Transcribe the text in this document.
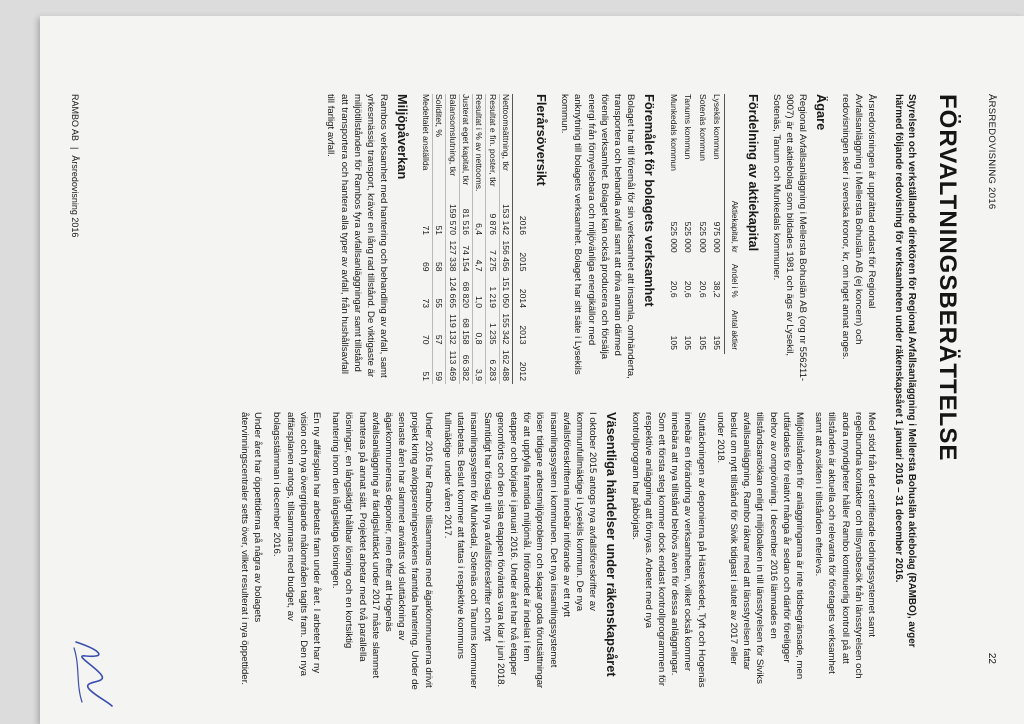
ÅRSREDOVISNING 2016
22
FÖRVALTNINGSBERÄTTELSE

Styrelsen och verkställande direktören för Regional Avfallsanläggning i Mellersta Bohuslän aktiebolag (RAMBO), avger härmed följande redovisning för verksamheten under räkenskapsåret 1 januari 2016 – 31 december 2016.

Årsredovisningen är upprättad endast för Regional Avfallsanläggning i Mellersta Bohuslän AB (ej koncern) och redovisningen sker i svenska kronor, kr, om inget annat anges.

Ägare

Regional Avfallsanläggning i Mellersta Bohuslän AB (org nr 556211-9007) är ett aktiebolag som bildades 1981 och ägs av Lysekil, Sotenäs, Tanum och Munkedals kommuner.

Fördelning av aktiekapital
	Aktiekapital, kr	Andel i %	Antal aktier
Lysekils kommun	975 000	38,2	195
Sotenäs kommun	525 000	20,6	105
Tanums kommun	525 000	20,6	105
Munkedals kommun	525 000	20,6	105
Föremålet för bolagets verksamhet

Bolaget har till föremål för sin verksamhet att insamla, omhänderta, transportera och behandla avfall samt att driva annan därmed förenlig verksamhet. Bolaget kan också producera och försälja energi från förnyelsebara och miljövänliga energikällor med anknytning till bolagets verksamhet. Bolaget har sitt säte i Lysekils kommun.

Flerårsöversikt
	2016	2015	2014	2013	2012
Nettoomsättning, tkr	153 142	156 456	151 050	155 342	162 488
Resultat e fin. poster, tkr	9 876	7 275	1 219	1 235	6 283
Resultat i % av nettooms.	6,4	4,7	1,0	0,8	3,9
Justerat eget kapital, tkr	81 516	74 154	68 820	68 158	66 382
Balansomslutning, tkr	159 570	127 338	124 665	119 132	113 469
Soliditet, %	51	58	55	57	59
Medeltalet anställda	71	69	73	70	51
Miljöpåverkan

Rambos verksamhet med hantering och behandling av avfall, samt yrkesmässig transport, kräver en lång rad tillstånd. De viktigaste är miljötillstånden för Rambos fyra avfallsanläggningar samt tillstånd att transportera och hantera alla typer av avfall, från hushållsavfall till farligt avfall.

Med stöd från det certifierade ledningssystemet samt regelbundna kontakter och tillsynsbesök från länsstyrelsen och andra myndigheter håller Rambo kontinuerlig kontroll på att tillstånden är aktuella och relevanta för företagets verksamhet samt att avsikten i tillstånden efterlevs.

Miljötillstånden för anläggningarna är inte tidsbegränsade, men utfärdades för relativt många år sedan och därför föreligger behov av omprövning. I december 2016 lämnades en tillståndsansökan enligt miljöbalken in till länsstyrelsen för Siviks avfallsanläggning. Rambo räknar med att länsstyrelsen fattar beslut om nytt tillstånd för Sivik tidigast i slutet av 2017 eller under 2018.

Sluttäckningen av deponierna på Hästeskedet, Tyft och Hogenäs innebär en förändring av verksamheten, vilket också kommer innebära att nya tillstånd behövs även för dessa anläggningar. Som ett första steg kommer dock endast kontrollprogrammen för respektive anläggning att förnyas. Arbetet med nya kontrollprogram har påbörjats.

Väsentliga händelser under räkenskapsåret

I oktober 2015 antogs nya avfallsföreskrifter av kommunfullmäktige i Lysekils kommun. De nya avfallsföreskrifterna innebär införande av ett nytt insamlingssystem i kommunen. Det nya insamlingssystemet löser tidigare arbetsmiljöproblem och skapar goda förutsättningar för att uppfylla framtida miljömål. Införandet är indelat i fem etapper och började i januari 2016. Under året har två etapper genomförts och den sista etappen förväntas vara klar i juni 2018. Samtidigt har förslag till nya avfallsföreskrifter och nytt insamlingssystem för Munkedal, Sotenäs och Tanums kommuner utarbetats. Beslut kommer att fattas i respektive kommuns fullmäktige under våren 2017.

Under 2016 har Rambo tillsammans med ägarkommunerna drivit projekt kring avloppsreningsverkens framtida hantering. Under de senaste åren har slammet använts vid sluttäckning av ägarkommunernas deponier, men efter att Hogenäs avfallsanläggning är färdigsluttäckt under 2017 måste slammet hanteras på annat sätt. Projektet arbetar med två parallella lösningar, en långsiktigt hållbar lösning och en kortsiktig hantering inom den långsiktiga lösningen.

En ny affärsplan har arbetats fram under året. I arbetet har ny vision och nya övergripande målområden tagits fram. Den nya affärsplanen antogs, tillsammans med budget, av bolagsstämman i december 2016.

Under året har öppettiderna på några av bolagets återvinningscentraler setts över, vilket resulterat i nya öppettider.

RAMBO AB|Årsredovisning 2016
